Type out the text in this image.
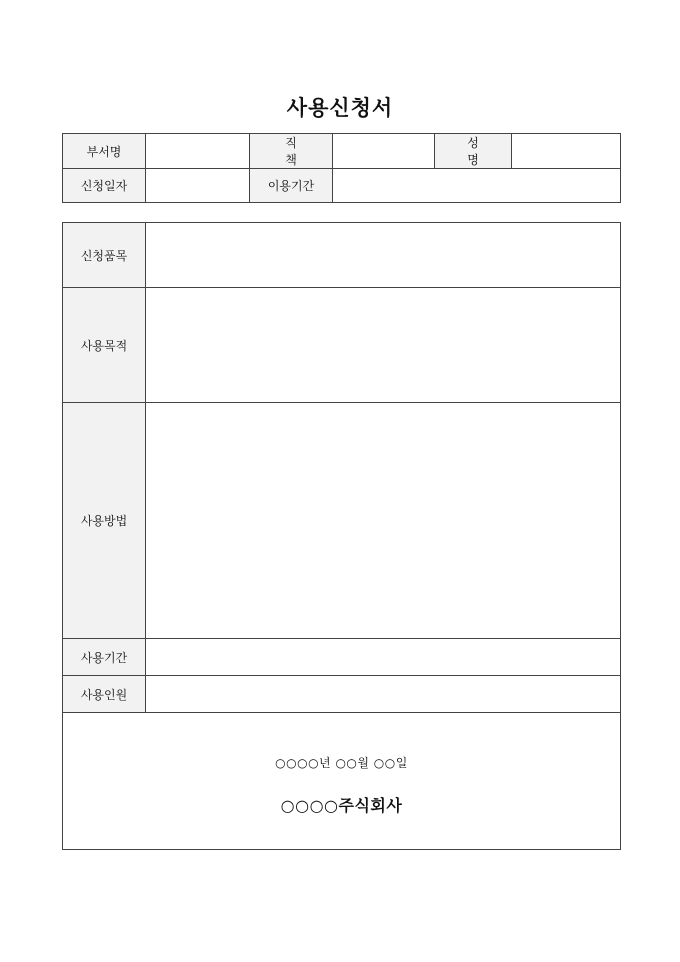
사용신청서
부서명		직 책		성 명	
신청일자		이용기간			
신청품목	
사용목적	
사용방법	
사용기간	
사용인원	

○○○○년 ○○월 ○○일
○○○○주식회사	
